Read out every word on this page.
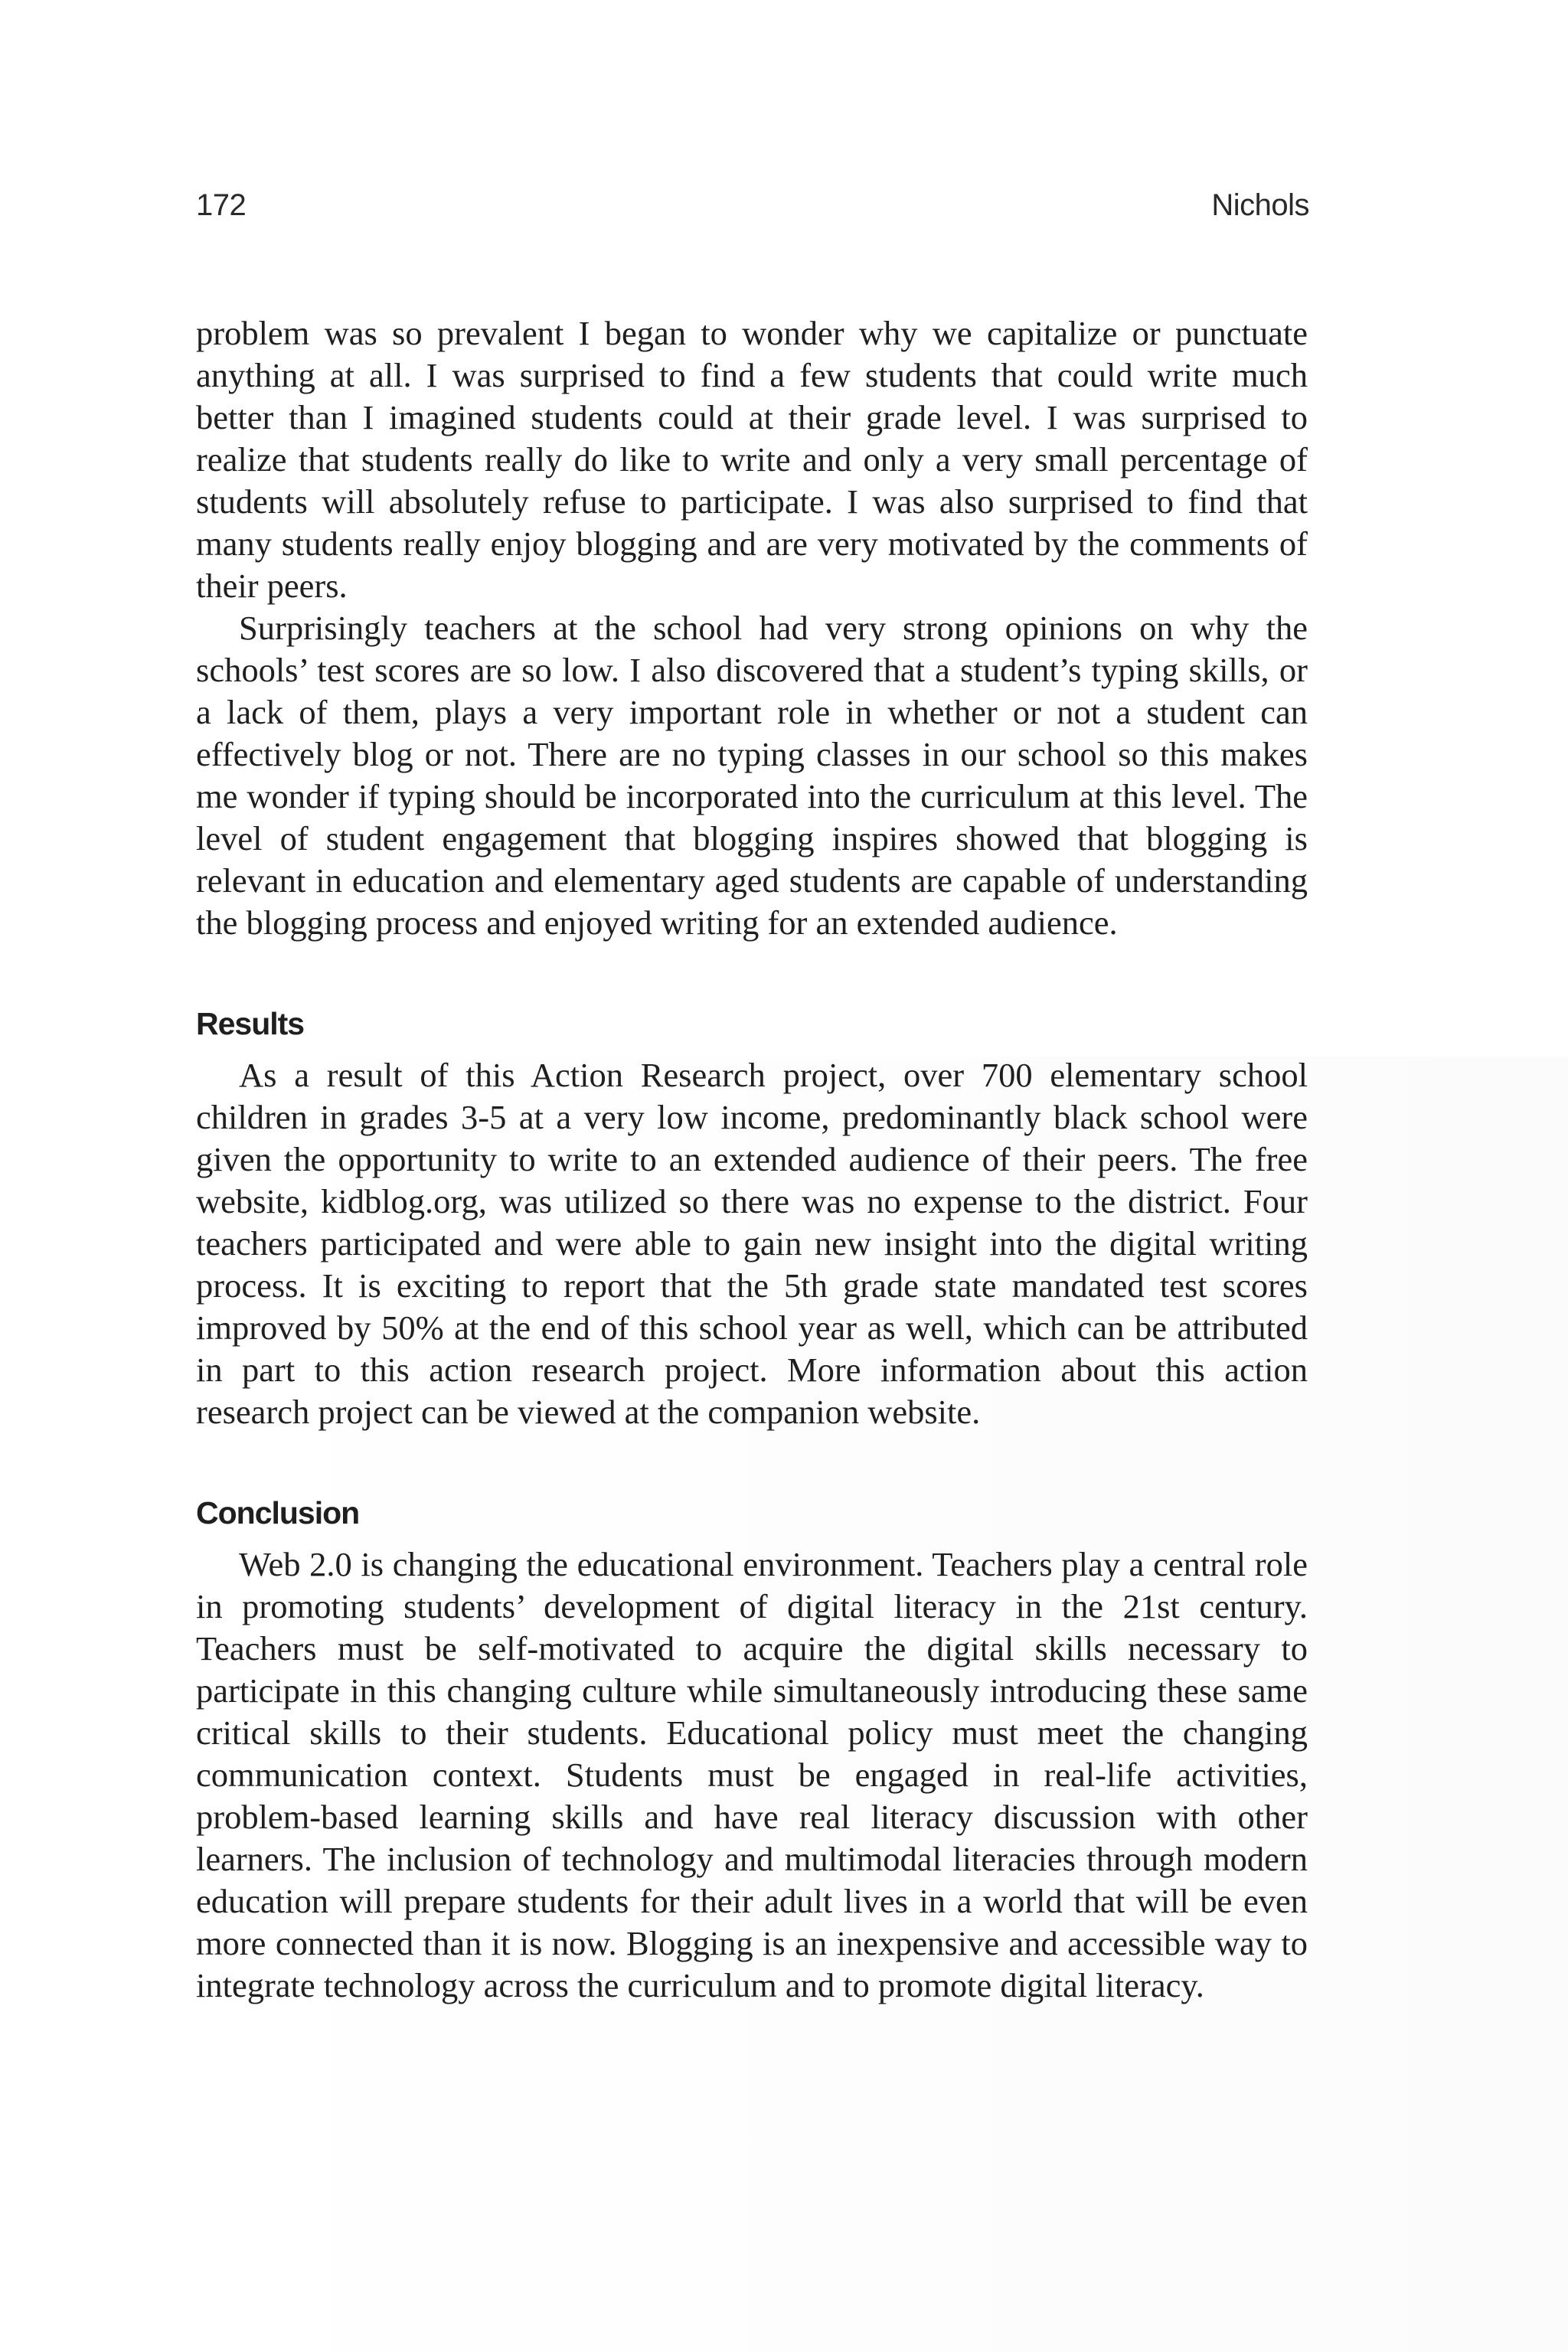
172	Nichols

problem was so prevalent I began to wonder why we capitalize or punctuate anything at all. I was surprised to find a few students that could write much better than I imagined students could at their grade level. I was surprised to realize that students really do like to write and only a very small percentage of students will absolutely refuse to participate. I was also surprised to find that many students really enjoy blogging and are very motivated by the comments of their peers.

Surprisingly teachers at the school had very strong opinions on why the schools’ test scores are so low. I also discovered that a student’s typing skills, or a lack of them, plays a very important role in whether or not a student can effectively blog or not. There are no typing classes in our school so this makes me wonder if typing should be incorporated into the curriculum at this level. The level of student engagement that blogging inspires showed that blogging is relevant in education and elementary aged students are capable of understanding the blogging process and enjoyed writing for an extended audience.

Results

As a result of this Action Research project, over 700 elementary school children in grades 3-5 at a very low income, predominantly black school were given the opportunity to write to an extended audience of their peers. The free website, kidblog.org, was utilized so there was no expense to the district. Four teachers participated and were able to gain new insight into the digital writing process. It is exciting to report that the 5th grade state mandated test scores improved by 50% at the end of this school year as well, which can be attributed in part to this action research project. More information about this action research project can be viewed at the companion website.

Conclusion

Web 2.0 is changing the educational environment. Teachers play a central role in promoting students’ development of digital literacy in the 21st century. Teachers must be self-motivated to acquire the digital skills necessary to participate in this changing culture while simultaneously introducing these same critical skills to their students. Educational policy must meet the changing communication context. Students must be engaged in real-life activities, problem-based learning skills and have real literacy discussion with other learners. The inclusion of technology and multimodal literacies through modern education will prepare students for their adult lives in a world that will be even more connected than it is now. Blogging is an inexpensive and accessible way to integrate technology across the curriculum and to promote digital literacy.
